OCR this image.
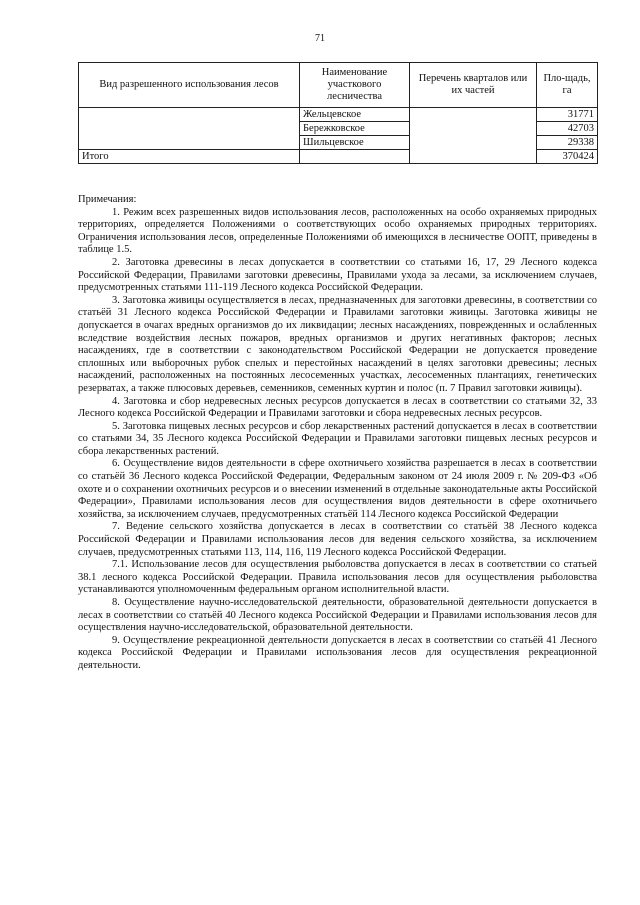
71
Вид разрешенного использования лесов	Наименование участкового лесничества	Перечень кварталов или их частей	Пло-щадь, га
	Жельцевское		31771
	Бережковское		42703
	Шильцевское		29338
Итого			370424

Примечания:

1. Режим всех разрешенных видов использования лесов, расположенных на особо охраняемых природных территориях, определяется Положениями о соответствующих особо охраняемых природных территориях. Ограничения использования лесов, определенные Положениями об имеющихся в лесничестве ООПТ, приведены в таблице 1.5.

2. Заготовка древесины в лесах допускается в соответствии со статьями 16, 17, 29 Лесного кодекса Российской Федерации, Правилами заготовки древесины, Правилами ухода за лесами, за исключением случаев, предусмотренных статьями 111-119 Лесного кодекса Российской Федерации.

3. Заготовка живицы осуществляется в лесах, предназначенных для заготовки древесины, в соответствии со статьёй 31 Лесного кодекса Российской Федерации и Правилами заготовки живицы. Заготовка живицы не допускается в очагах вредных организмов до их ликвидации; лесных насаждениях, поврежденных и ослабленных вследствие воздействия лесных пожаров, вредных организмов и других негативных факторов; лесных насаждениях, где в соответствии с законодательством Российской Федерации не допускается проведение сплошных или выборочных рубок спелых и перестойных насаждений в целях заготовки древесины; лесных насаждений, расположенных на постоянных лесосеменных участках, лесосеменных плантациях, генетических резерватах, а также плюсовых деревьев, семенников, семенных куртин и полос (п. 7 Правил заготовки живицы).

4. Заготовка и сбор недревесных лесных ресурсов допускается в лесах в соответствии со статьями 32, 33 Лесного кодекса Российской Федерации и Правилами заготовки и сбора недревесных лесных ресурсов.

5. Заготовка пищевых лесных ресурсов и сбор лекарственных растений допускается в лесах в соответствии со статьями 34, 35 Лесного кодекса Российской Федерации и Правилами заготовки пищевых лесных ресурсов и сбора лекарственных растений.

6. Осуществление видов деятельности в сфере охотничьего хозяйства разрешается в лесах в соответствии со статьёй 36 Лесного кодекса Российской Федерации, Федеральным законом от 24 июля 2009 г. № 209-ФЗ «Об охоте и о сохранении охотничьих ресурсов и о внесении изменений в отдельные законодательные акты Российской Федерации», Правилами использования лесов для осуществления видов деятельности в сфере охотничьего хозяйства, за исключением случаев, предусмотренных статьёй 114 Лесного кодекса Российской Федерации

7. Ведение сельского хозяйства допускается в лесах в соответствии со статьёй 38 Лесного кодекса Российской Федерации и Правилами использования лесов для ведения сельского хозяйства, за исключением случаев, предусмотренных статьями 113, 114, 116, 119 Лесного кодекса Российской Федерации.

7.1. Использование лесов для осуществления рыболовства допускается в лесах в соответствии со статьей 38.1 лесного кодекса Российской Федерации. Правила использования лесов для осуществления рыболовства устанавливаются уполномоченным федеральным органом исполнительной власти.

8. Осуществление научно-исследовательской деятельности, образовательной деятельности допускается в лесах в соответствии со статьёй 40 Лесного кодекса Российской Федерации и Правилами использования лесов для осуществления научно-исследовательской, образовательной деятельности.

9. Осуществление рекреационной деятельности допускается в лесах в соответствии со статьёй 41 Лесного кодекса Российской Федерации и Правилами использования лесов для осуществления рекреационной деятельности.
